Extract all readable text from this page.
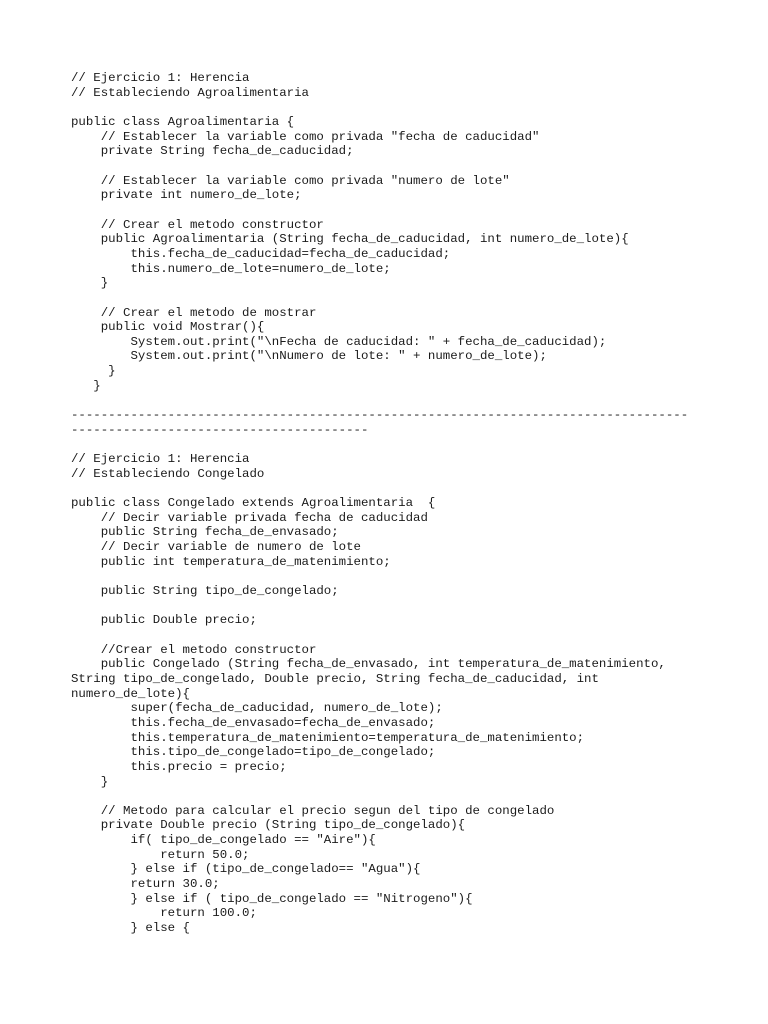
// Ejercicio 1: Herencia
// Estableciendo Agroalimentaria
public class Agroalimentaria {
// Establecer la variable como privada "fecha de caducidad"
private String fecha_de_caducidad;
// Establecer la variable como privada "numero de lote"
private int numero_de_lote;
// Crear el metodo constructor
public Agroalimentaria (String fecha_de_caducidad, int numero_de_lote){
this.fecha_de_caducidad=fecha_de_caducidad;
this.numero_de_lote=numero_de_lote;
}
// Crear el metodo de mostrar
public void Mostrar(){
System.out.print("\nFecha de caducidad: " + fecha_de_caducidad);
System.out.print("\nNumero de lote: " + numero_de_lote);
}
}
-----------------------------------------------------------------------------------
----------------------------------------
// Ejercicio 1: Herencia
// Estableciendo Congelado
public class Congelado extends Agroalimentaria  {
// Decir variable privada fecha de caducidad
public String fecha_de_envasado;
// Decir variable de numero de lote
public int temperatura_de_matenimiento;
public String tipo_de_congelado;
public Double precio;
//Crear el metodo constructor
public Congelado (String fecha_de_envasado, int temperatura_de_matenimiento,
String tipo_de_congelado, Double precio, String fecha_de_caducidad, int
numero_de_lote){
super(fecha_de_caducidad, numero_de_lote);
this.fecha_de_envasado=fecha_de_envasado;
this.temperatura_de_matenimiento=temperatura_de_matenimiento;
this.tipo_de_congelado=tipo_de_congelado;
this.precio = precio;
}
// Metodo para calcular el precio segun del tipo de congelado
private Double precio (String tipo_de_congelado){
if( tipo_de_congelado == "Aire"){
return 50.0;
} else if (tipo_de_congelado== "Agua"){
return 30.0;
} else if ( tipo_de_congelado == "Nitrogeno"){
return 100.0;
} else {
